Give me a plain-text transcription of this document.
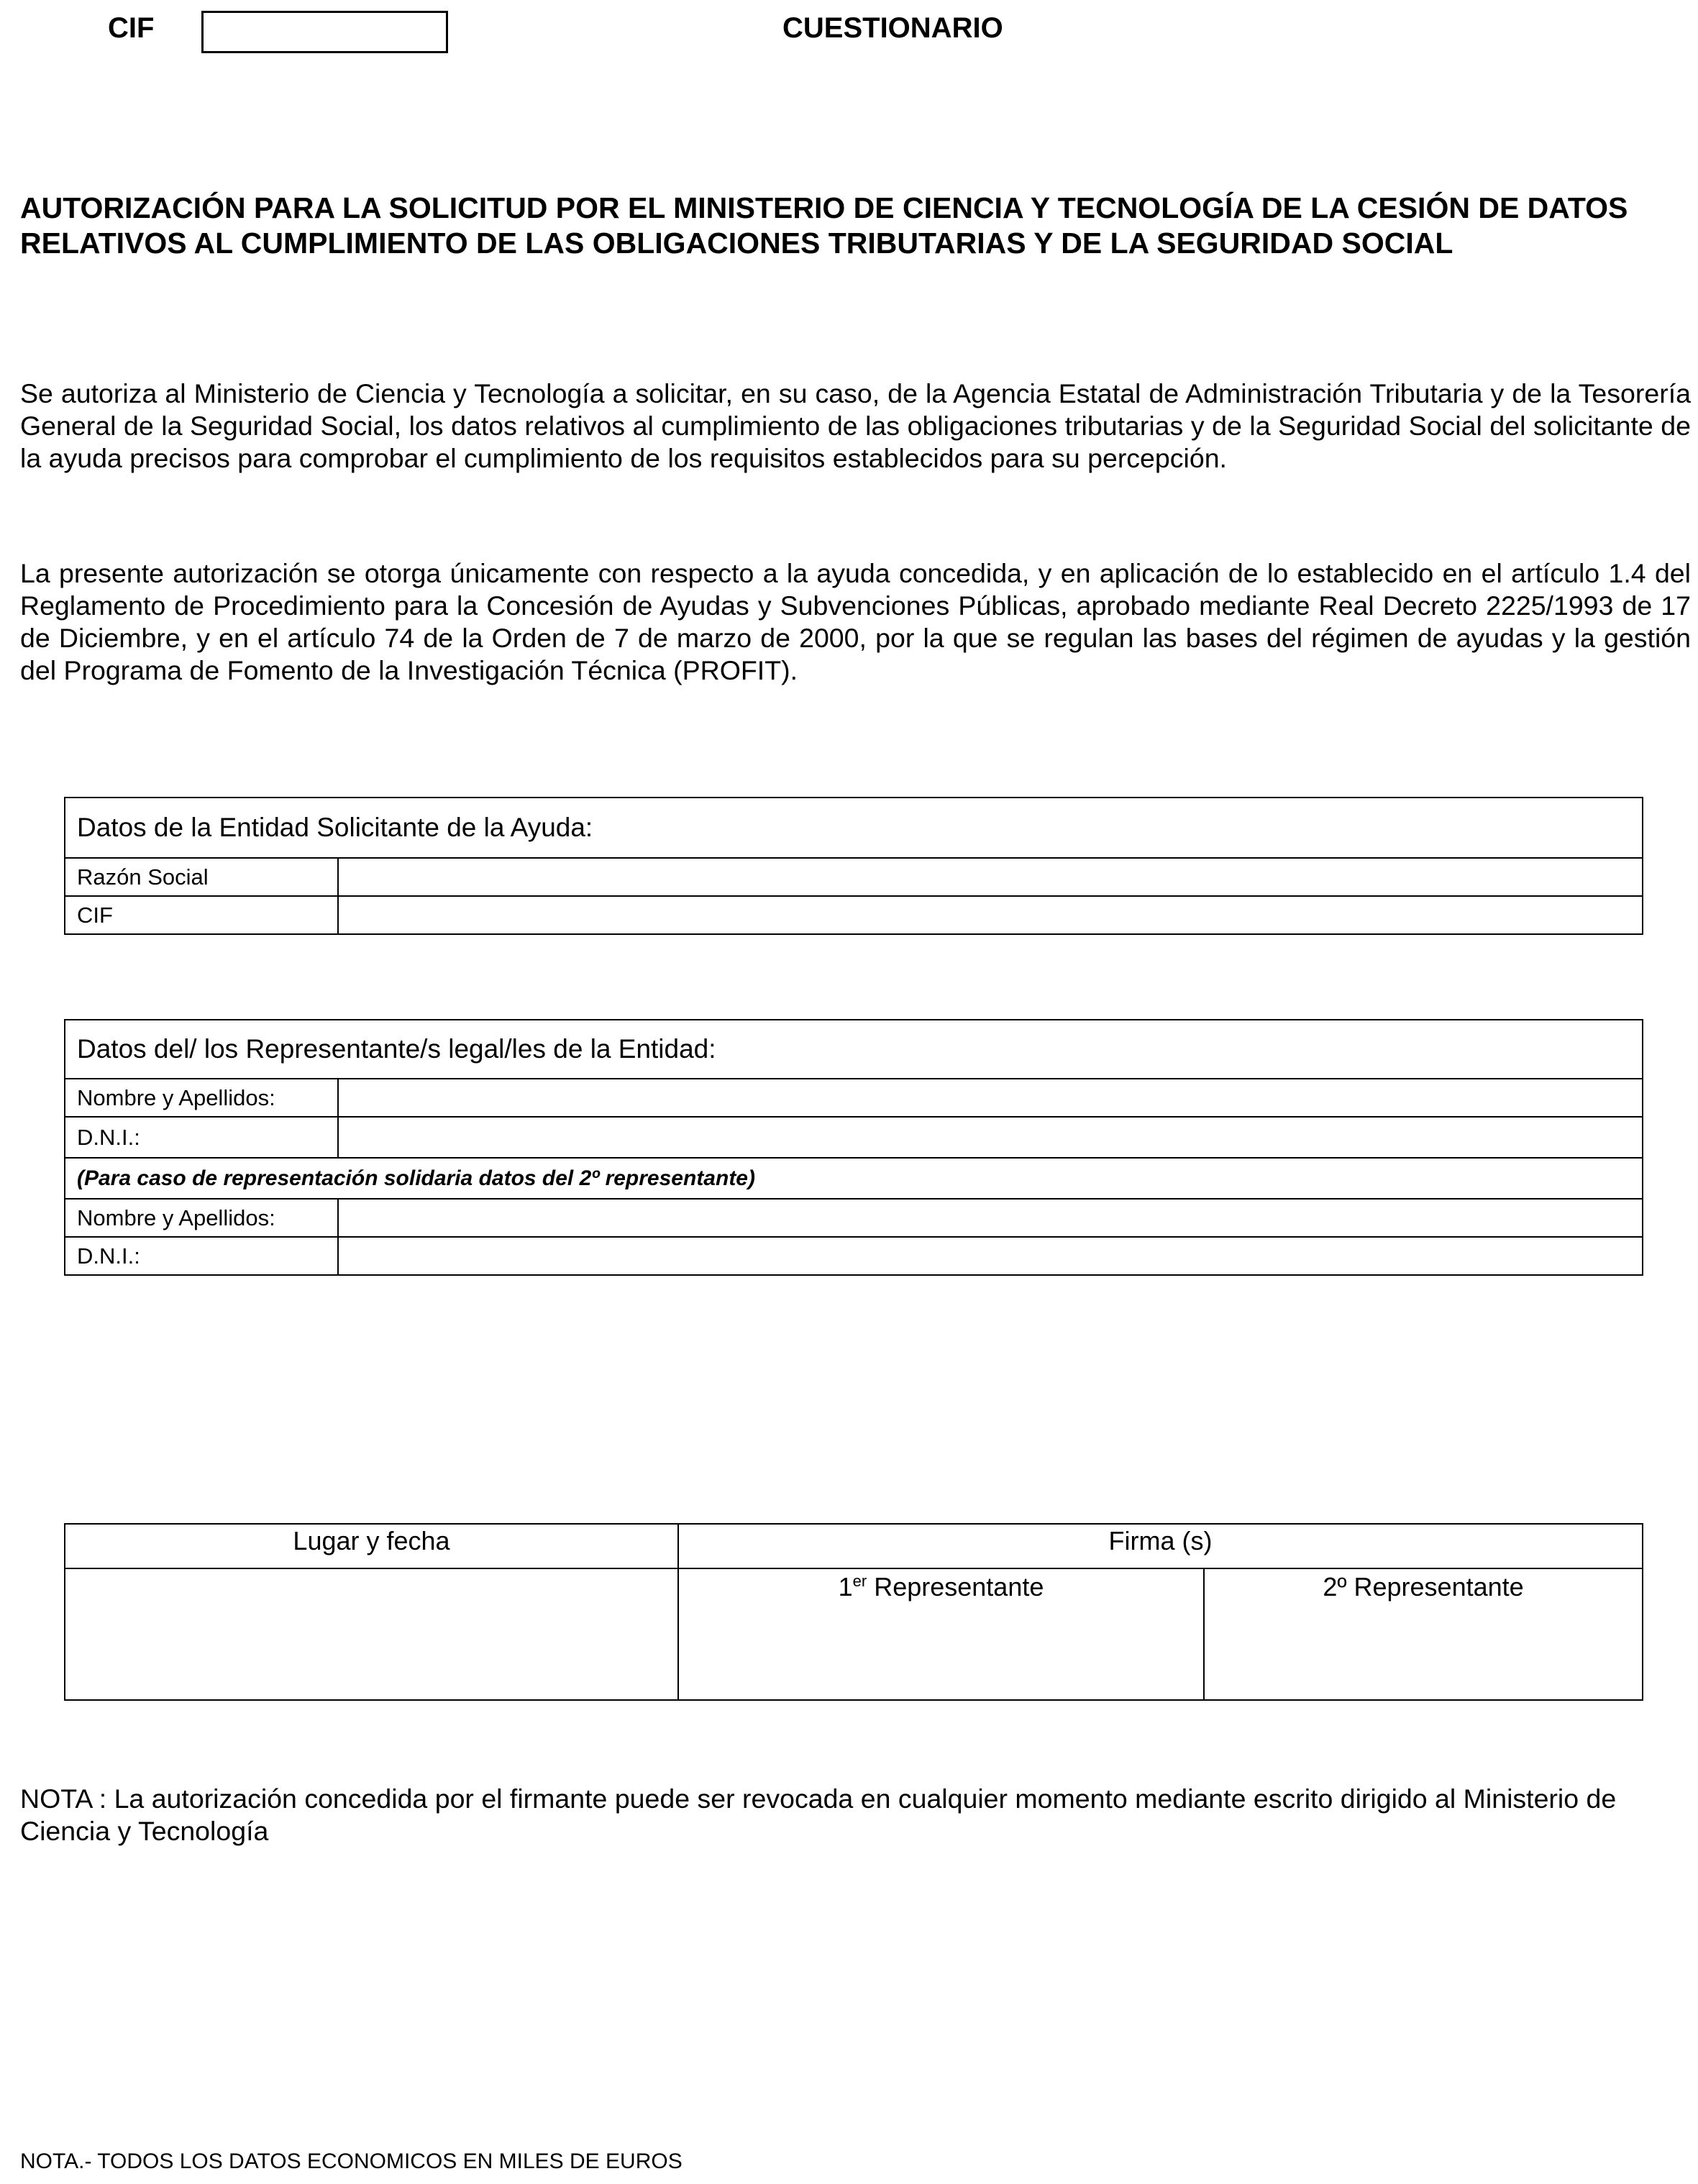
CIF	CUESTIONARIO
AUTORIZACIÓN PARA LA SOLICITUD POR EL MINISTERIO DE CIENCIA Y TECNOLOGÍA DE LA CESIÓN DE DATOS RELATIVOS AL CUMPLIMIENTO DE LAS OBLIGACIONES TRIBUTARIAS Y DE LA SEGURIDAD SOCIAL

Se autoriza al Ministerio de Ciencia y Tecnología a solicitar, en su caso, de la Agencia Estatal de Administración Tributaria y de la Tesorería General de la Seguridad Social, los datos relativos al cumplimiento de las obligaciones tributarias y de la Seguridad Social del solicitante de la ayuda precisos para comprobar el cumplimiento de los requisitos establecidos para su percepción.

La presente autorización se otorga únicamente con respecto a la ayuda concedida, y en aplicación de lo establecido en el artículo 1.4 del Reglamento de Procedimiento para la Concesión de Ayudas y Subvenciones Públicas, aprobado mediante Real Decreto 2225/1993 de 17 de Diciembre, y en el artículo 74 de la Orden de 7 de marzo de 2000, por la que se regulan las bases del régimen de ayudas y la gestión del Programa de Fomento de la Investigación Técnica (PROFIT).

Datos de la Entidad Solicitante de la Ayuda:	
Razón Social	
CIF	
Datos del/ los Representante/s legal/les de la Entidad:	
Nombre y Apellidos:	
D.N.I.:	
(Para caso de representación solidaria datos del 2º representante)	
Nombre y Apellidos:	
D.N.I.:	
Lugar y fecha	Firma (s)	
	1er Representante	2º Representante

NOTA : La autorización concedida por el firmante puede ser revocada en cualquier momento mediante escrito dirigido al Ministerio de Ciencia y Tecnología

NOTA.- TODOS LOS DATOS ECONOMICOS EN MILES DE EUROS
